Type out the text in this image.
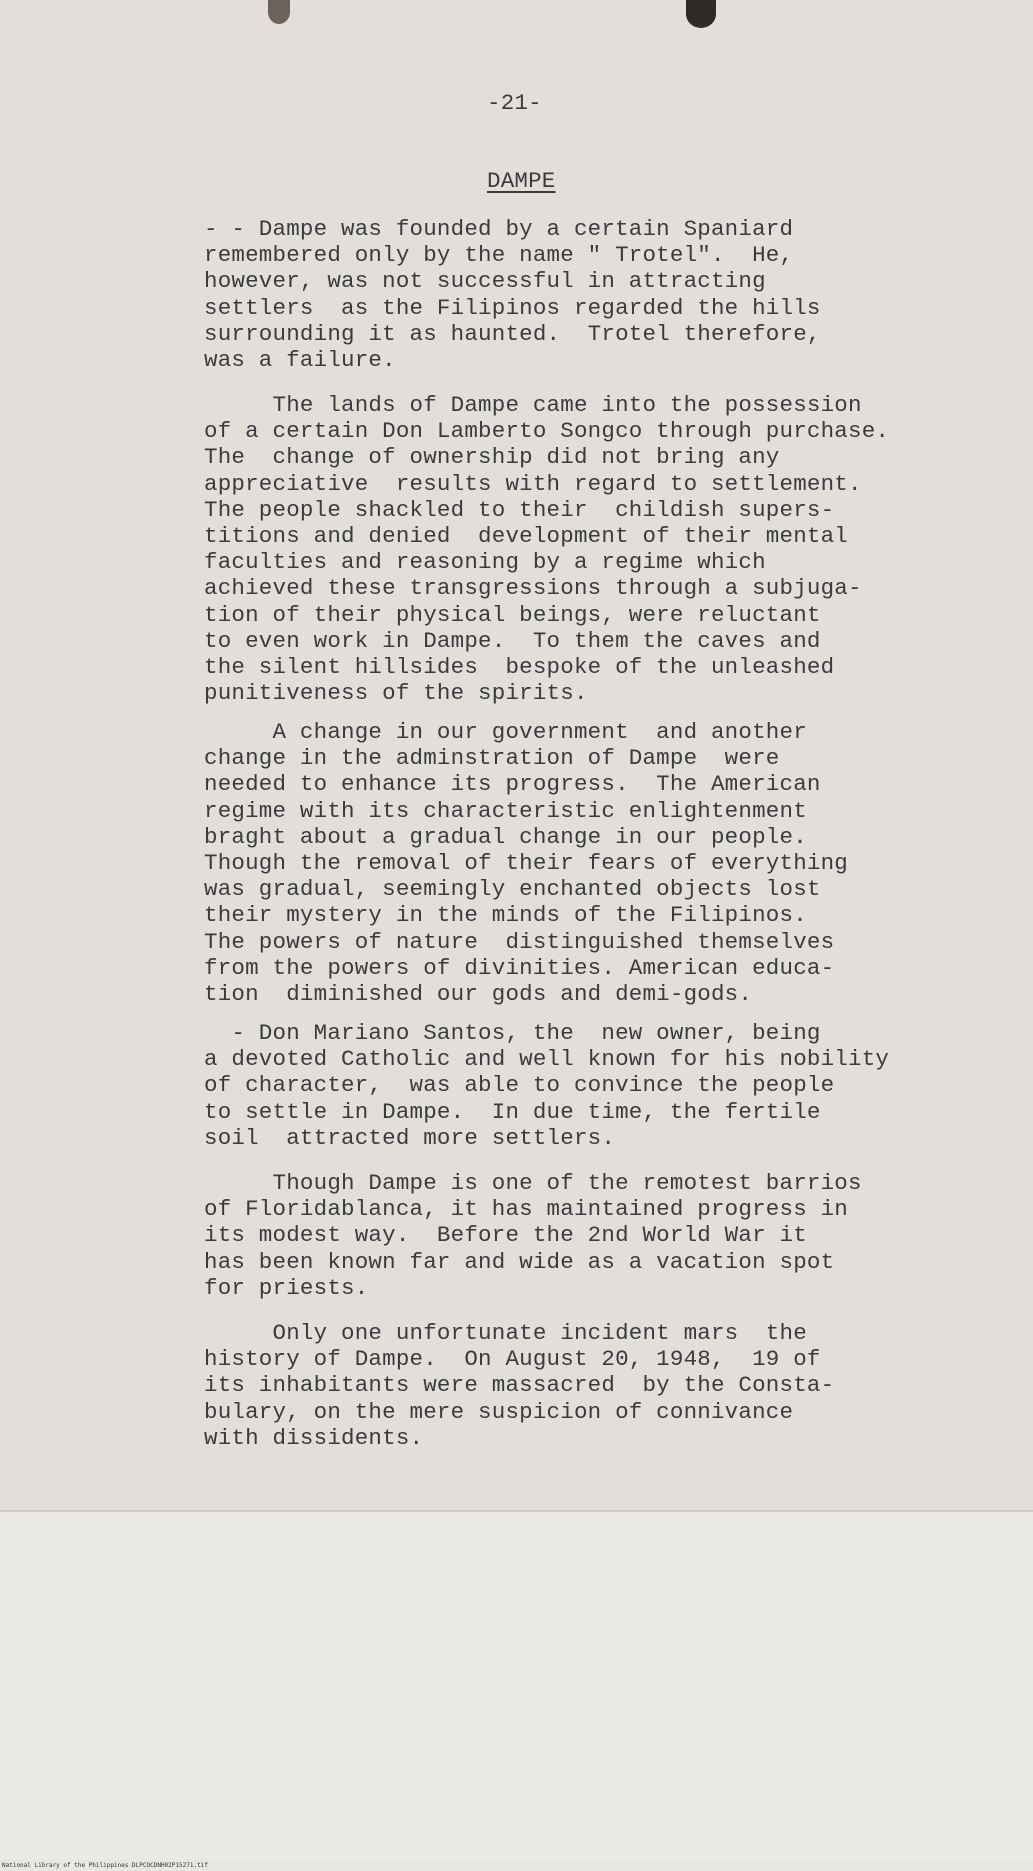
-21-
DAMPE
- - Dampe was founded by a certain Spaniard
remembered only by the name " Trotel".  He,
however, was not successful in attracting
settlers  as the Filipinos regarded the hills
surrounding it as haunted.  Trotel therefore,
was a failure.
The lands of Dampe came into the possession
of a certain Don Lamberto Songco through purchase.
The  change of ownership did not bring any
appreciative  results with regard to settlement.
The people shackled to their  childish supers-
titions and denied  development of their mental
faculties and reasoning by a regime which
achieved these transgressions through a subjuga-
tion of their physical beings, were reluctant
to even work in Dampe.  To them the caves and
the silent hillsides  bespoke of the unleashed
punitiveness of the spirits.
A change in our government  and another
change in the adminstration of Dampe  were
needed to enhance its progress.  The American
regime with its characteristic enlightenment
braght about a gradual change in our people.
Though the removal of their fears of everything
was gradual, seemingly enchanted objects lost
their mystery in the minds of the Filipinos.
The powers of nature  distinguished themselves
from the powers of divinities. American educa-
tion  diminished our gods and demi-gods.
- Don Mariano Santos, the  new owner, being
a devoted Catholic and well known for his nobility
of character,  was able to convince the people
to settle in Dampe.  In due time, the fertile
soil  attracted more settlers.
Though Dampe is one of the remotest barrios
of Floridablanca, it has maintained progress in
its modest way.  Before the 2nd World War it
has been known far and wide as a vacation spot
for priests.
Only one unfortunate incident mars  the
history of Dampe.  On August 20, 1948,  19 of
its inhabitants were massacred  by the Consta-
bulary, on the mere suspicion of connivance
with dissidents.
National Library of the Philippines DLPCOCDNH02P15271.tif
